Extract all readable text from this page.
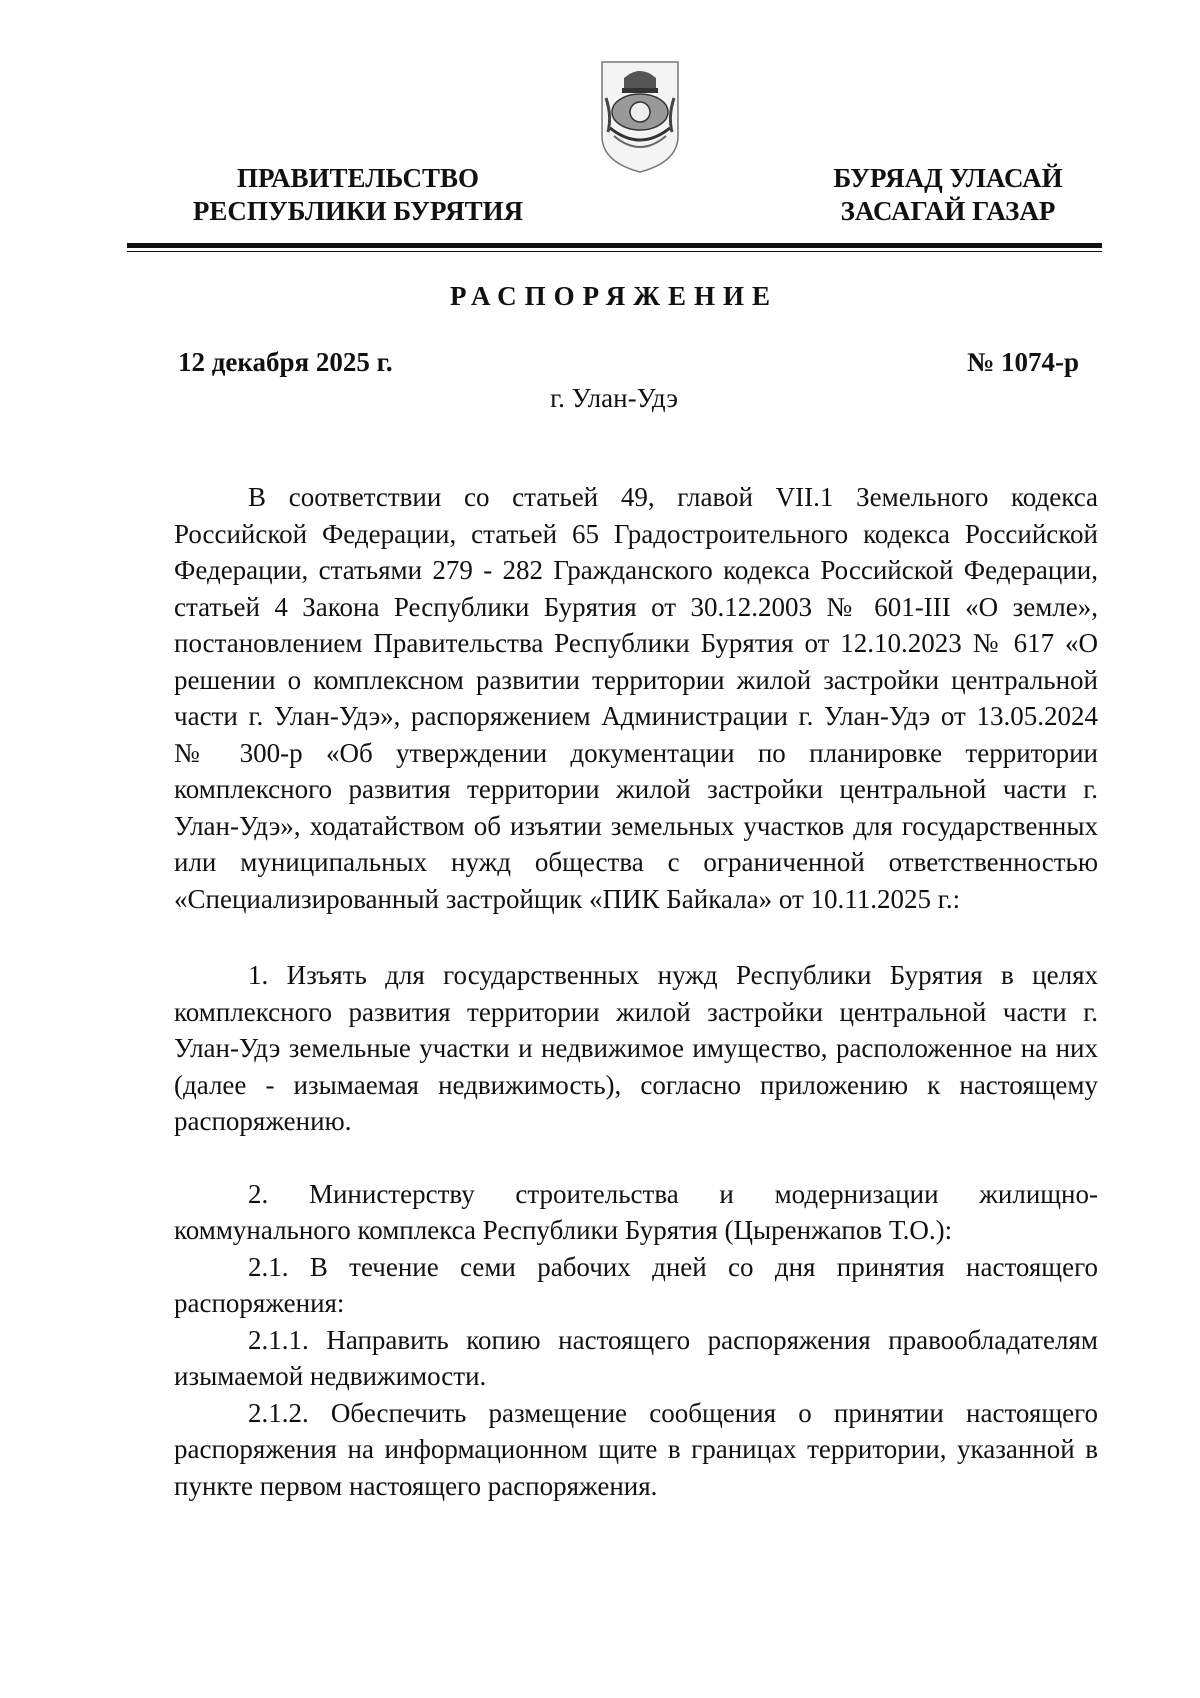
ПРАВИТЕЛЬСТВО
РЕСПУБЛИКИ БУРЯТИЯ
БУРЯАД УЛАСАЙ
ЗАСАГАЙ ГАЗАР
РАСПОРЯЖЕНИЕ
12 декабря 2025 г.	№ 1074-р
г. Улан-Удэ

В соответствии со статьей 49, главой VII.1 Земельного кодекса Российской Федерации, статьей 65 Градостроительного кодекса Российской Федерации, статьями 279 - 282 Гражданского кодекса Российской Федерации, статьей 4 Закона Республики Бурятия от 30.12.2003 № 601-III «О земле», постановлением Правительства Республики Бурятия от 12.10.2023 № 617 «О решении о комплексном развитии территории жилой застройки центральной части г. Улан-Удэ», распоряжением Администрации г. Улан-Удэ от 13.05.2024 № 300-р «Об утверждении документации по планировке территории комплексного развития территории жилой застройки центральной части г. Улан-Удэ», ходатайством об изъятии земельных участков для государственных или муниципальных нужд общества с ограниченной ответственностью «Специализированный застройщик «ПИК Байкала» от 10.11.2025 г.:

1. Изъять для государственных нужд Республики Бурятия в целях комплексного развития территории жилой застройки центральной части г. Улан-Удэ земельные участки и недвижимое имущество, расположенное на них (далее - изымаемая недвижимость), согласно приложению к настоящему распоряжению.

2. Министерству строительства и модернизации жилищно-коммунального комплекса Республики Бурятия (Цыренжапов Т.О.):

2.1. В течение семи рабочих дней со дня принятия настоящего распоряжения:

2.1.1. Направить копию настоящего распоряжения правообладателям изымаемой недвижимости.

2.1.2. Обеспечить размещение сообщения о принятии настоящего распоряжения на информационном щите в границах территории, указанной в пункте первом настоящего распоряжения.
